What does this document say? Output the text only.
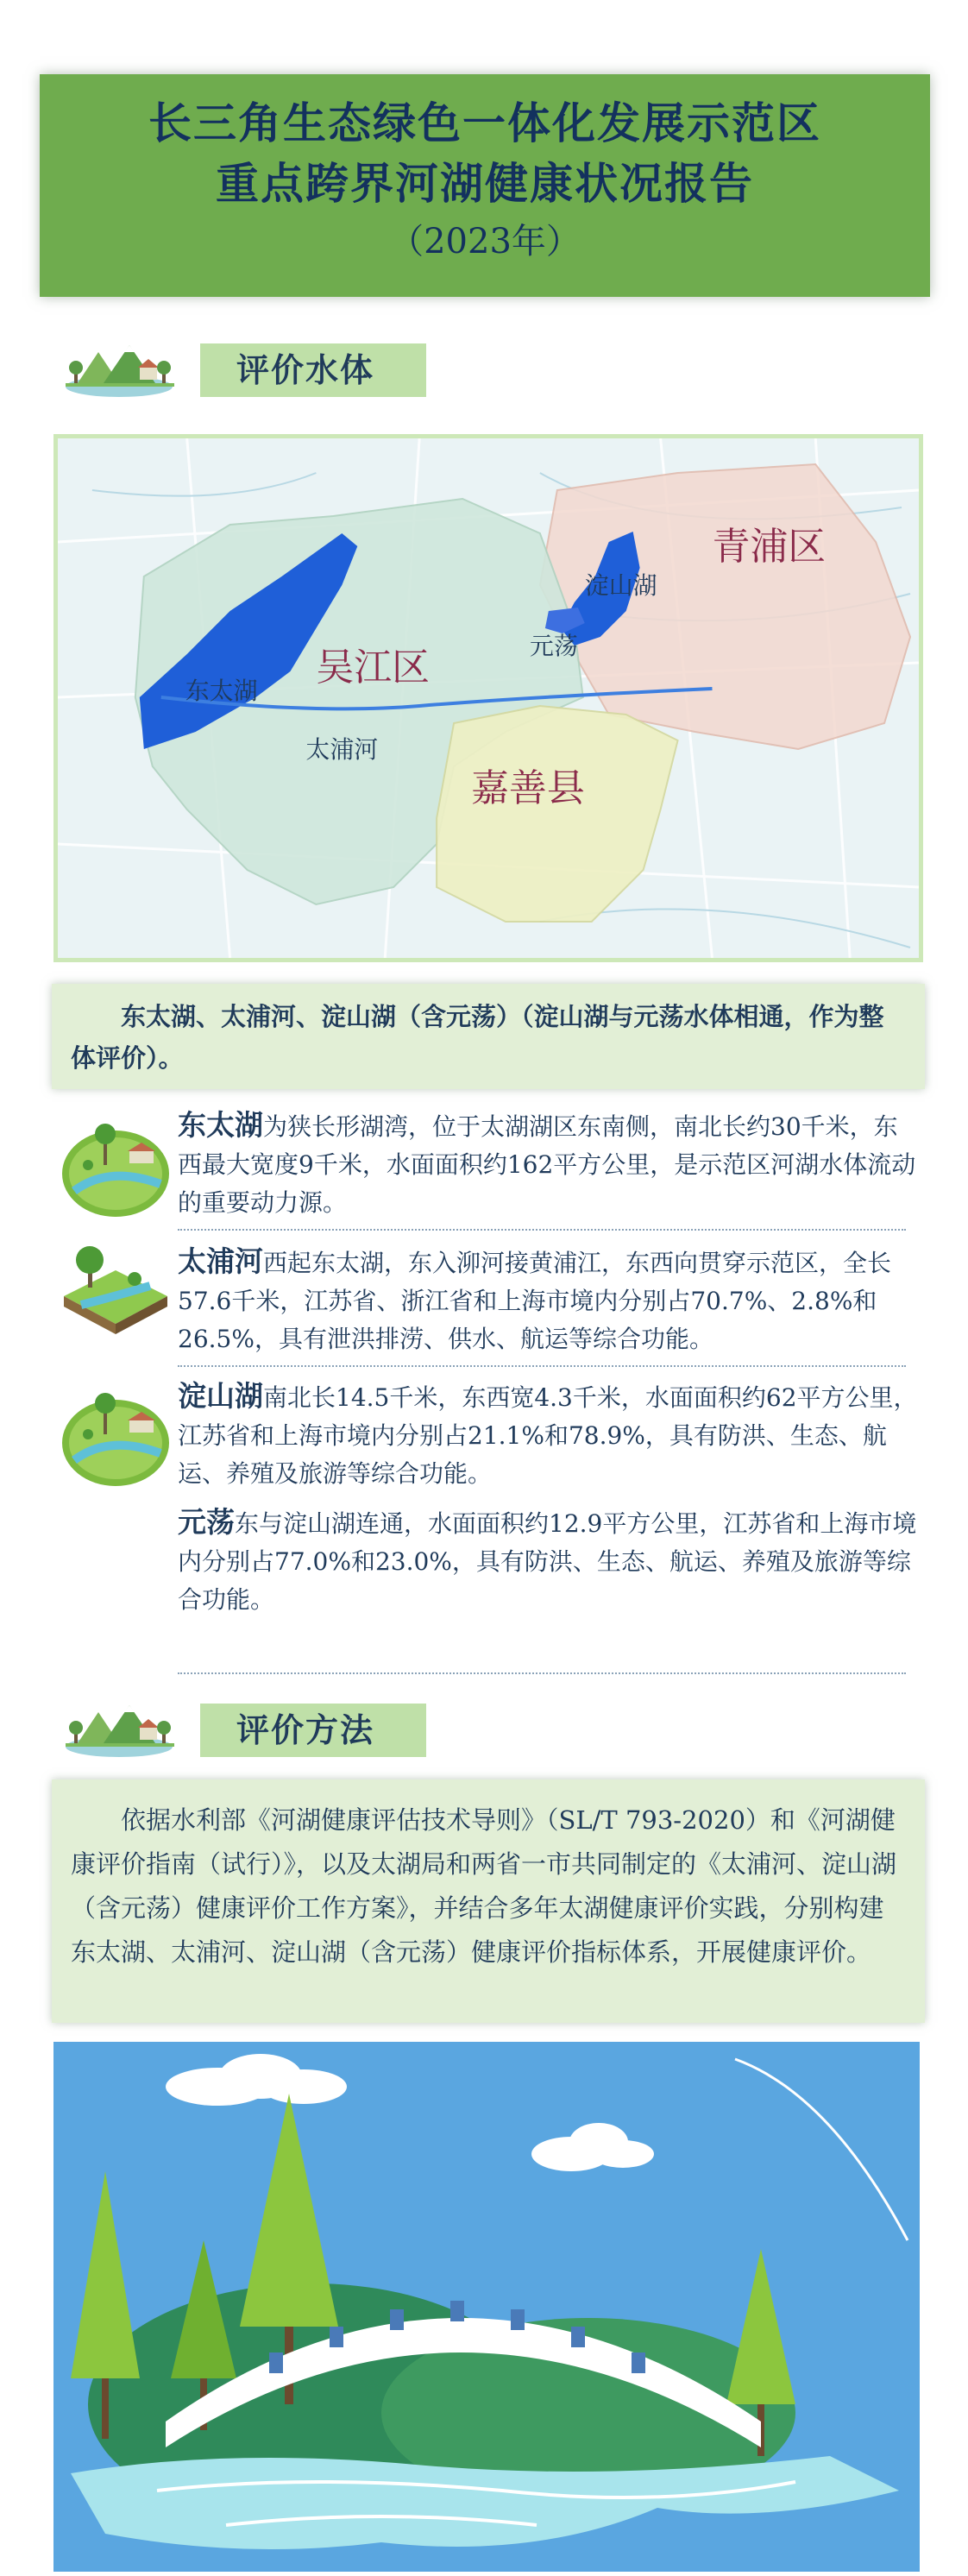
长三角生态绿色一体化发展示范区
重点跨界河湖健康状况报告
（2023年）
评价水体
青浦区
淀山湖
元荡
吴江区
东太湖
太浦河
嘉善县
东太湖、太浦河、淀山湖（含元荡）（淀山湖与元荡水体相通，作为整体评价）。
东太湖为狭长形湖湾，位于太湖湖区东南侧，南北长约30千米，东西最大宽度9千米，水面面积约162平方公里，是示范区河湖水体流动的重要动力源。
太浦河西起东太湖，东入泖河接黄浦江，东西向贯穿示范区，全长57.6千米，江苏省、浙江省和上海市境内分别占70.7%、2.8%和26.5%，具有泄洪排涝、供水、航运等综合功能。
淀山湖南北长14.5千米，东西宽4.3千米，水面面积约62平方公里，江苏省和上海市境内分别占21.1%和78.9%，具有防洪、生态、航运、养殖及旅游等综合功能。
元荡东与淀山湖连通，水面面积约12.9平方公里，江苏省和上海市境内分别占77.0%和23.0%，具有防洪、生态、航运、养殖及旅游等综合功能。
评价方法
依据水利部《河湖健康评估技术导则》（SL/T 793-2020）和《河湖健康评价指南（试行）》，以及太湖局和两省一市共同制定的《太浦河、淀山湖（含元荡）健康评价工作方案》，并结合多年太湖健康评价实践，分别构建东太湖、太浦河、淀山湖（含元荡）健康评价指标体系，开展健康评价。
